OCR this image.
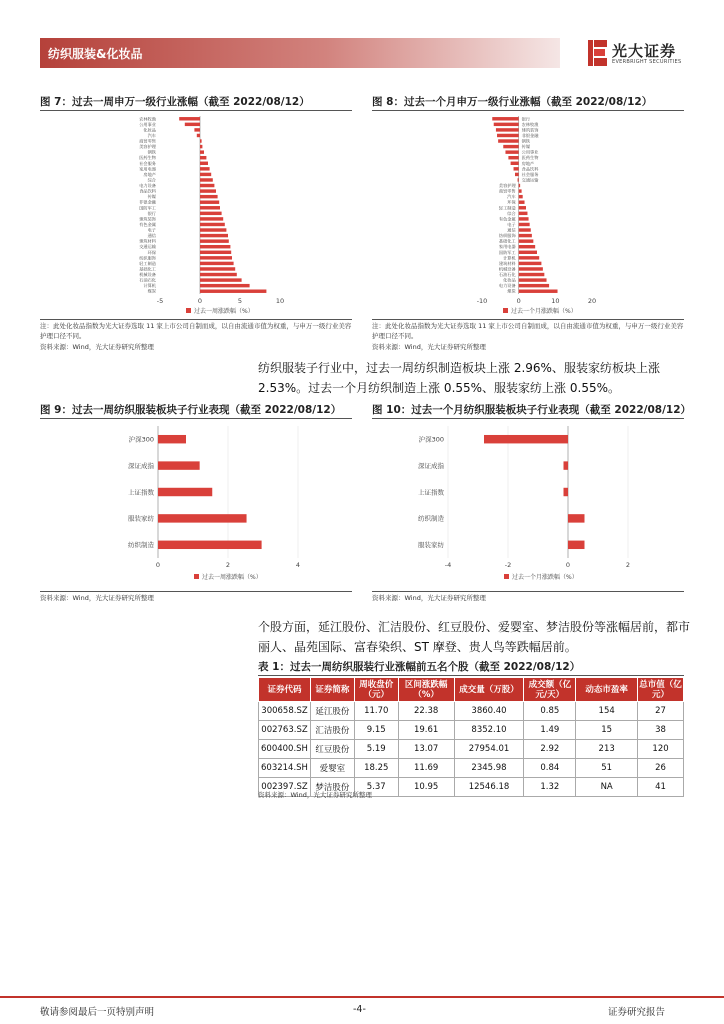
纺织服装&化妆品	光大证券
EVERBRIGHT SECURITIES
图 7：过去一周申万一级行业涨幅（截至 2022/08/12）
农林牧渔
公用事业
化妆品
汽车
商贸零售
美容护理
钢铁
医药生物
社会服务
家用电器
房地产
综合
电力设备
食品饮料
传媒
非银金融
国防军工
银行
建筑装饰
有色金属
电子
通信
建筑材料
交通运输
环保
纺织服饰
轻工制造
基础化工
机械设备
石油石化
计算机
煤炭
-5	0	5	10
过去一周涨跌幅（%）
注：此处化妆品指数为光大证券选取 11 家上市公司自制而成，以自由流通市值为权重，与申万一级行业美容护理口径不同。
资料来源：Wind，光大证券研究所整理
图 8：过去一个月申万一级行业涨幅（截至 2022/08/12）
银行
农林牧渔
建筑装饰
非银金融
钢铁
传媒
公用事业
医药生物
房地产
食品饮料
社会服务
交通运输
美容护理
商贸零售
汽车
环保
轻工制造
综合
有色金属
电子
通信
纺织服饰
基础化工
家用电器
国防军工
计算机
建筑材料
机械设备
石油石化
化妆品
电力设备
煤炭
-10	0	10	20
过去一个月涨跌幅（%）
注：此处化妆品指数为光大证券选取 11 家上市公司自制而成，以自由流通市值为权重，与申万一级行业美容护理口径不同。
资料来源：Wind，光大证券研究所整理
纺织服装子行业中，过去一周纺织制造板块上涨 2.96%、服装家纺板块上涨 2.53%。过去一个月纺织制造上涨 0.55%、服装家纺上涨 0.55%。
图 9：过去一周纺织服装板块子行业表现（截至 2022/08/12）
沪深300
深证成指
上证指数
服装家纺
纺织制造
0	2	4
过去一周涨跌幅（%）
资料来源：Wind，光大证券研究所整理
图 10：过去一个月纺织服装板块子行业表现（截至 2022/08/12）
沪深300
深证成指
上证指数
纺织制造
服装家纺
-4	-2	0	2
过去一个月涨跌幅（%）
资料来源：Wind，光大证券研究所整理
个股方面，延江股份、汇洁股份、红豆股份、爱婴室、梦洁股份等涨幅居前，都市丽人、晶苑国际、富春染织、ST 摩登、贵人鸟等跌幅居前。
表 1：过去一周纺织服装行业涨幅前五名个股（截至 2022/08/12）
证券代码	证券简称	周收盘价（元）	区间涨跌幅（%）	成交量（万股）	成交额（亿元/天）	动态市盈率	总市值（亿元）
300658.SZ	延江股份	11.70	22.38	3860.40	0.85	154	27
002763.SZ	汇洁股份	9.15	19.61	8352.10	1.49	15	38
600400.SH	红豆股份	5.19	13.07	27954.01	2.92	213	120
603214.SH	爱婴室	18.25	11.69	2345.98	0.84	51	26
002397.SZ	梦洁股份	5.37	10.95	12546.18	1.32	NA	41
资料来源：Wind，光大证券研究所整理
敬请参阅最后一页特别声明	-4-	证券研究报告
